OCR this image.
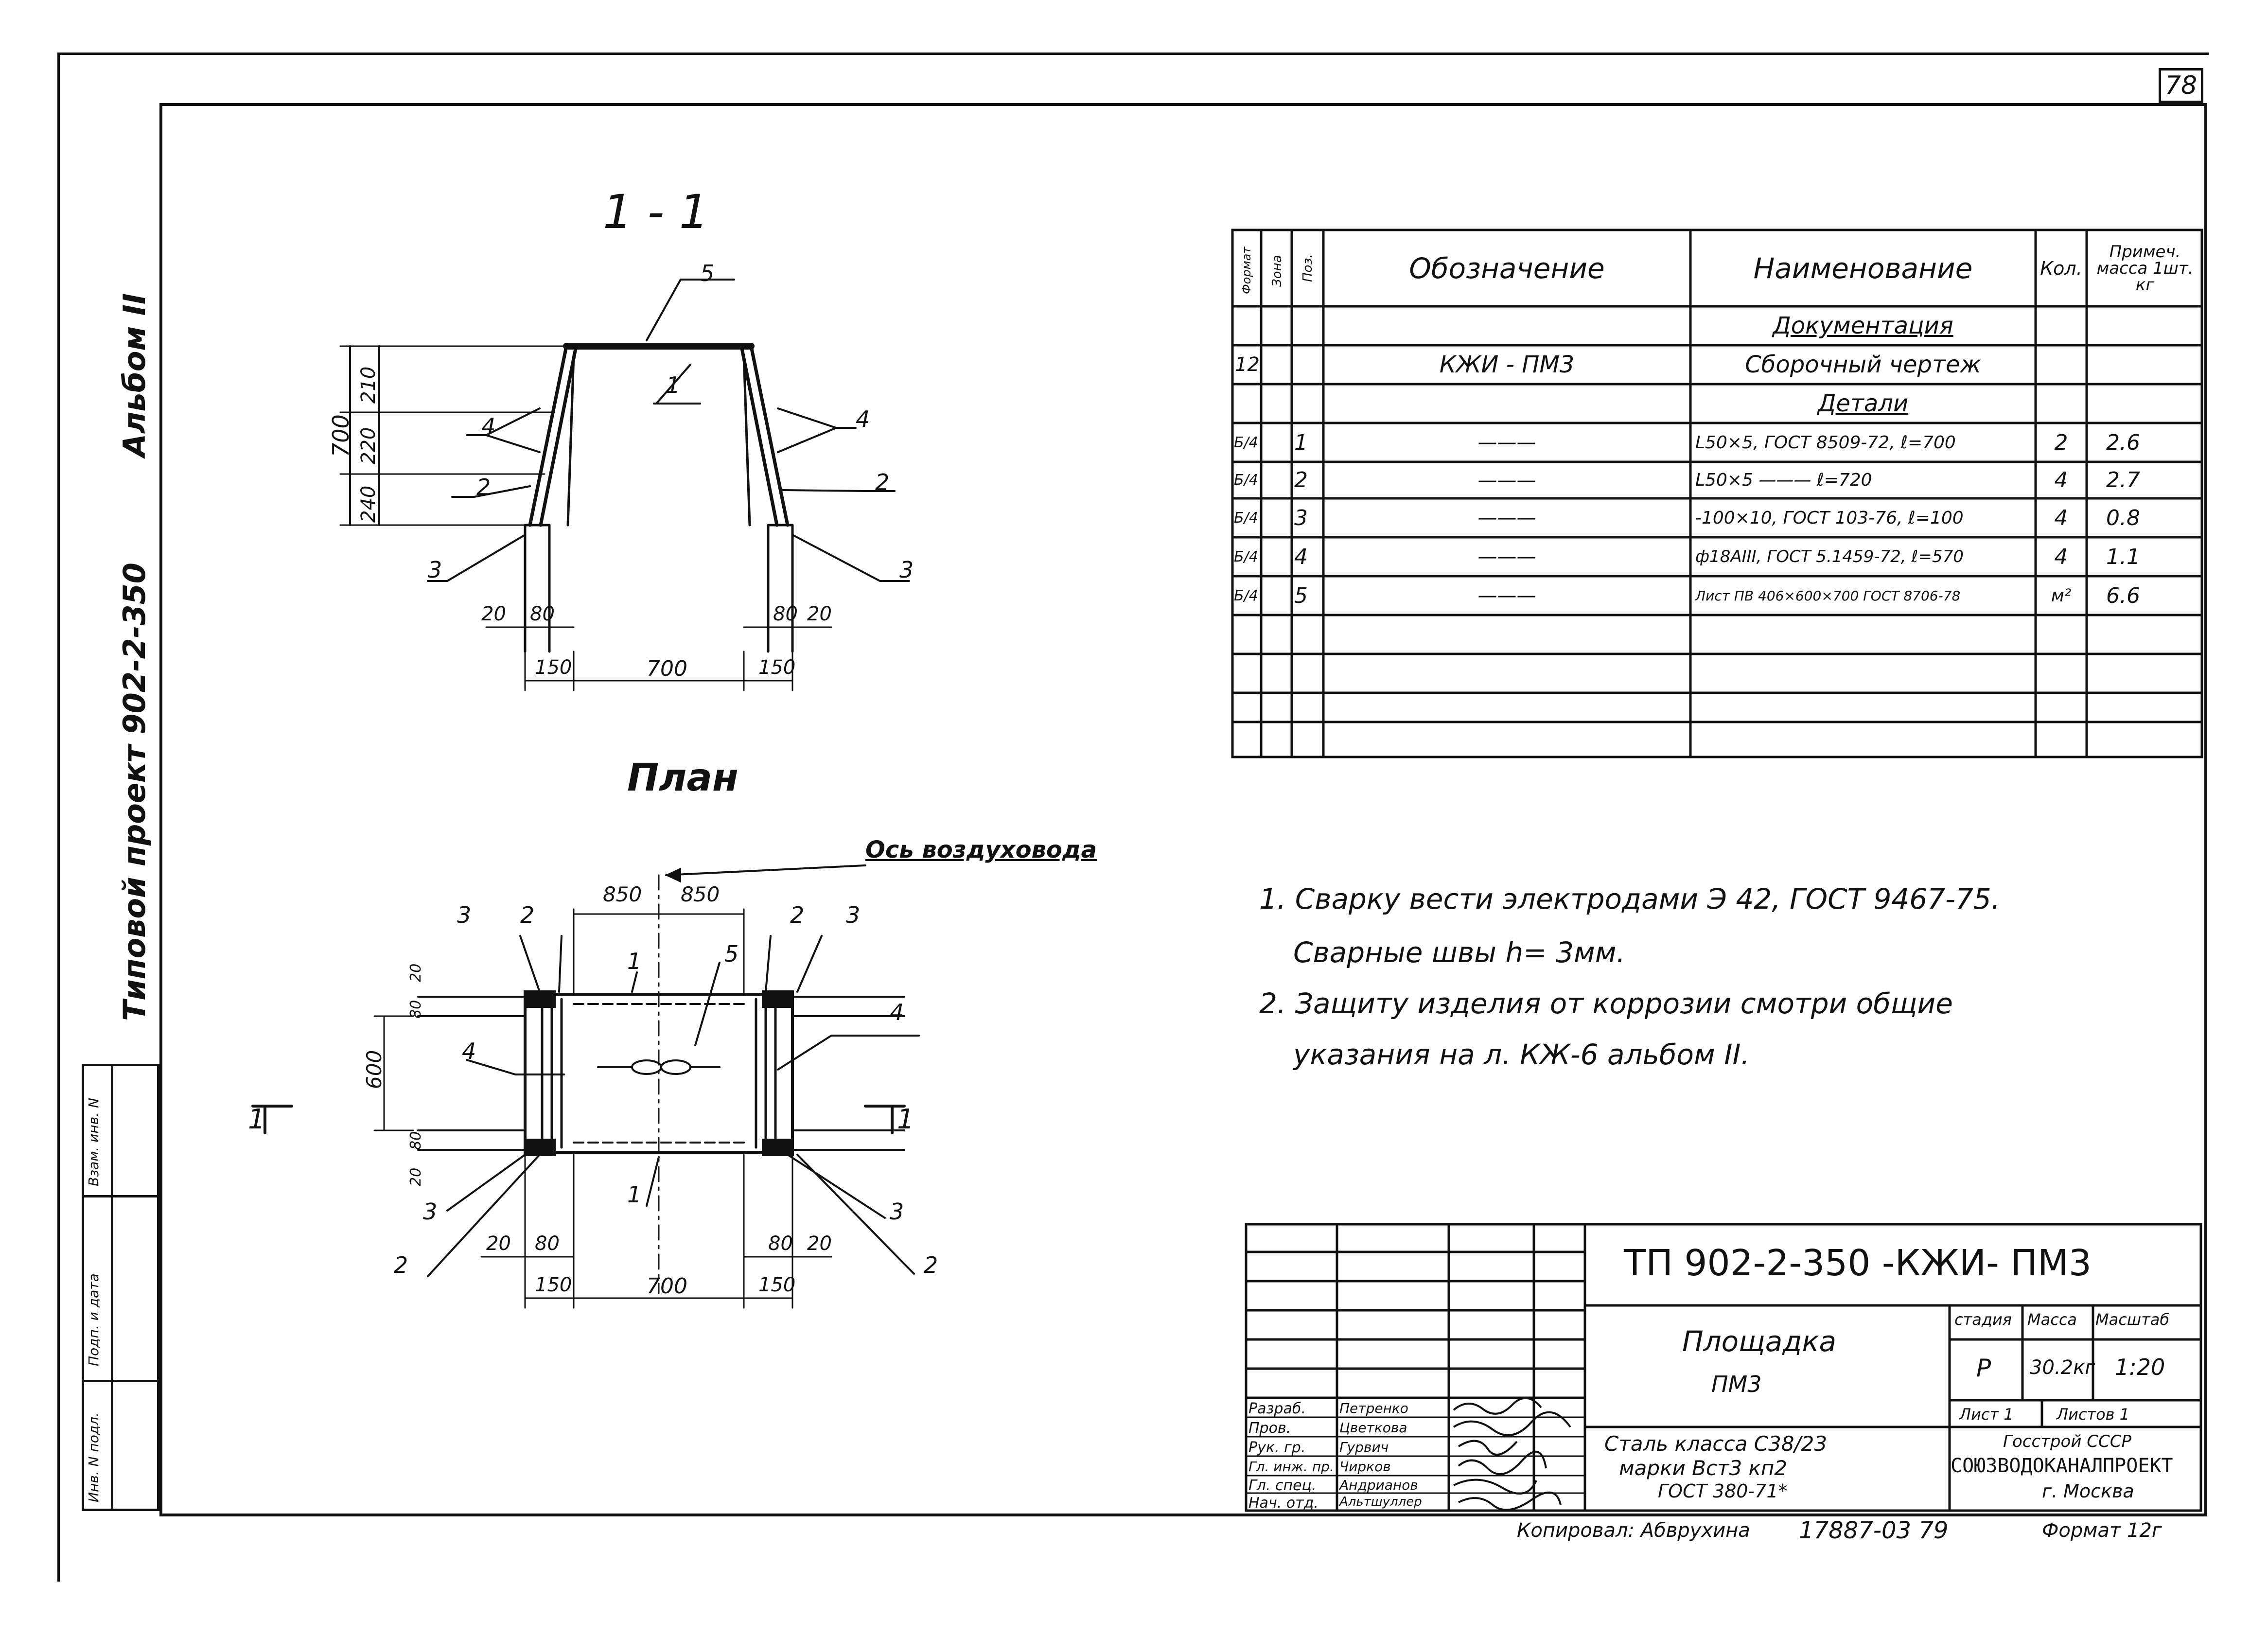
78
Альбом II
Типовой проект 902-2-350
Взам. инв. N
Подп. и дата
Инв. N подл.
1 - 1
700
210
220
240
5
1
4	4
2	2
3	3
20 80	80 20
150	700	150
План
Ось воздуховода
850 850
600
20
80
80
20
3 2
1	5
2 3
4
4
3
2
1
3
2
1	1
20 80	80 20
150	700	150
Формат Зона Поз.	Обозначение	Наименование	Кол.
Примеч. масса 1шт. кг
Документация
12	КЖИ - ПМ3	Сборочный чертеж
Детали
Б/4 1	———	L50×5, ГОСТ 8509-72, ℓ=700	2	2.6
Б/4 2	———	L50×5 ——— ℓ=720	4	2.7
Б/4 3	———	-100×10, ГОСТ 103-76, ℓ=100	4	0.8
Б/4 4	———	ф18АIII, ГОСТ 5.1459-72, ℓ=570	4	1.1
Б/4 5	———	Лист ПВ 406×600×700 ГОСТ 8706-78	м²	6.6
1. Сварку вести электродами Э 42, ГОСТ 9467-75.
Сварные швы h= 3мм.
2. Защиту изделия от коррозии смотри общие
указания на л. КЖ-6 альбом II.
ТП 902-2-350 -КЖИ- ПМ3
Площадка
ПМ3
Сталь класса С38/23
марки Вст3 кп2
ГОСТ 380-71*
стадия Масса Масштаб
Р 30.2кг 1:20
Лист 1	Листов 1
Госстрой СССР
СОЮЗВОДОКАНАЛПРОЕКТ
г. Москва
Разраб. Петренко
Пров.	Цветкова
Рук. гр. Гурвич
Гл. инж. пр. Чирков
Гл. спец. Андрианов
Нач. отд. Альтшуллер
Копировал: Абврухина 17887-03 79	Формат 12г
